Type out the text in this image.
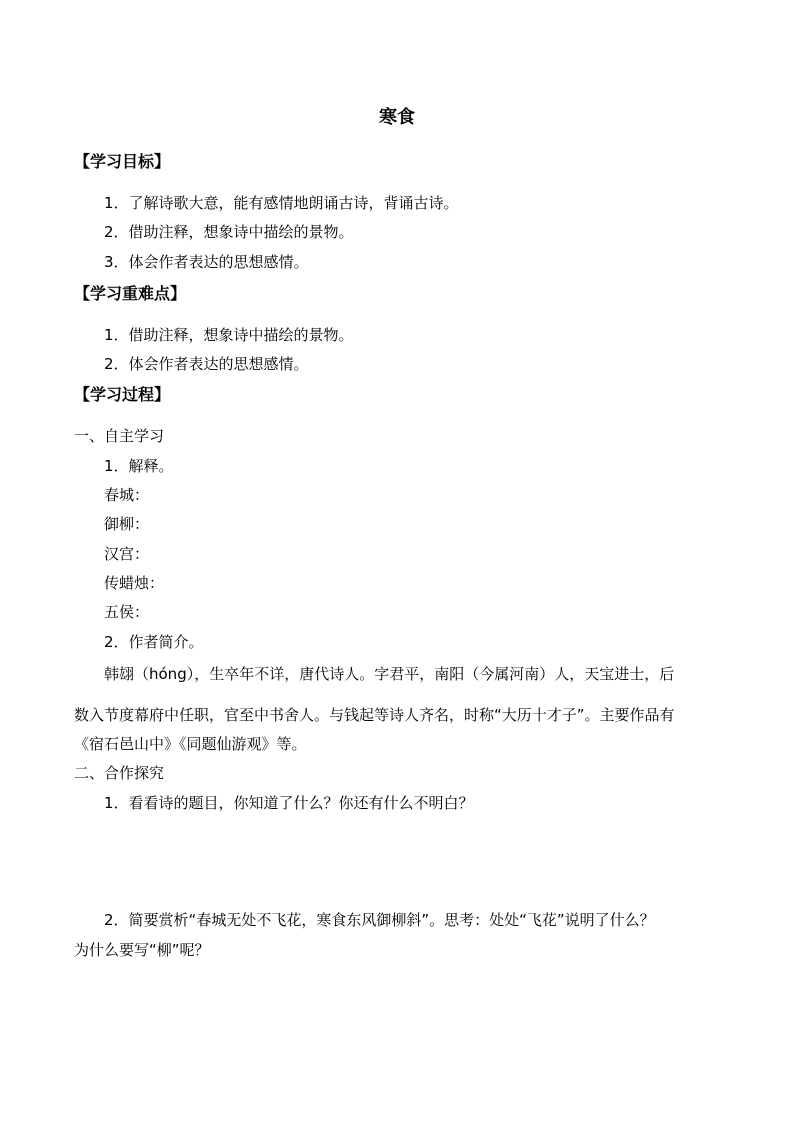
寒食
【学习目标】
1．了解诗歌大意，能有感情地朗诵古诗，背诵古诗。
2．借助注释，想象诗中描绘的景物。
3．体会作者表达的思想感情。
【学习重难点】
1．借助注释，想象诗中描绘的景物。
2．体会作者表达的思想感情。
【学习过程】
一、自主学习
1．解释。
春城：
御柳：
汉宫：
传蜡烛：
五侯：
2．作者简介。
韩翃（hóng），生卒年不详，唐代诗人。字君平，南阳（今属河南）人，天宝进士，后
数入节度幕府中任职，官至中书舍人。与钱起等诗人齐名，时称“大历十才子”。主要作品有
《宿石邑山中》《同题仙游观》等。
二、合作探究
1．看看诗的题目，你知道了什么？你还有什么不明白？
2．简要赏析“春城无处不飞花，寒食东风御柳斜”。思考：处处“飞花”说明了什么？
为什么要写“柳”呢？
